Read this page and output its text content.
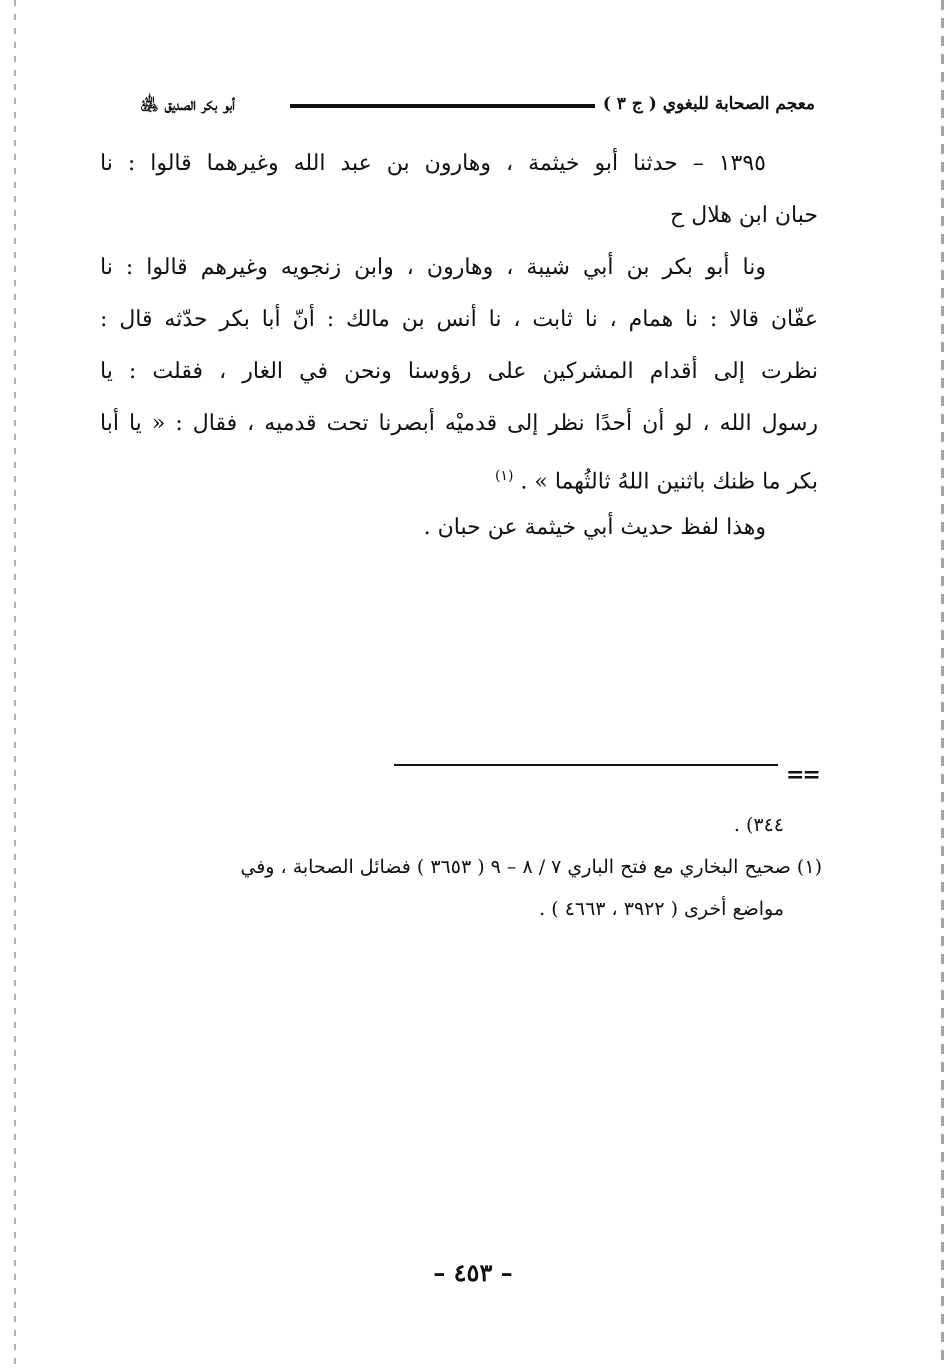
معجم الصحابة للبغوي ( ج ٣ )
أبو بكر الصديق ﵁
١٣٩٥ – حدثنا أبو خيثمة ، وهارون بن عبد الله وغيرهما قالوا : نا
حبان ابن هلال ح
ونا أبو بكر بن أبي شيبة ، وهارون ، وابن زنجويه وغيرهم قالوا : نا
عفّان قالا : نا همام ، نا ثابت ، نا أنس بن مالك : أنّ أبا بكر حدّثه قال :
نظرت إلى أقدام المشركين على رؤوسنا ونحن في الغار ، فقلت : يا
رسول الله ، لو أن أحدًا نظر إلى قدميْه أبصرنا تحت قدميه ، فقال : « يا أبا
بكر ما ظنك باثنين اللهُ ثالثُهما » . $^{(١)}$
وهذا لفظ حديث أبي خيثمة عن حبان .
==
٣٤٤) .
(١) صحيح البخاري مع فتح الباري ٧ / ٨ – ٩ ( ٣٦٥٣ ) فضائل الصحابة ، وفي
مواضع أخرى ( ٣٩٢٢ ، ٤٦٦٣ ) .
– ٤٥٣ –
